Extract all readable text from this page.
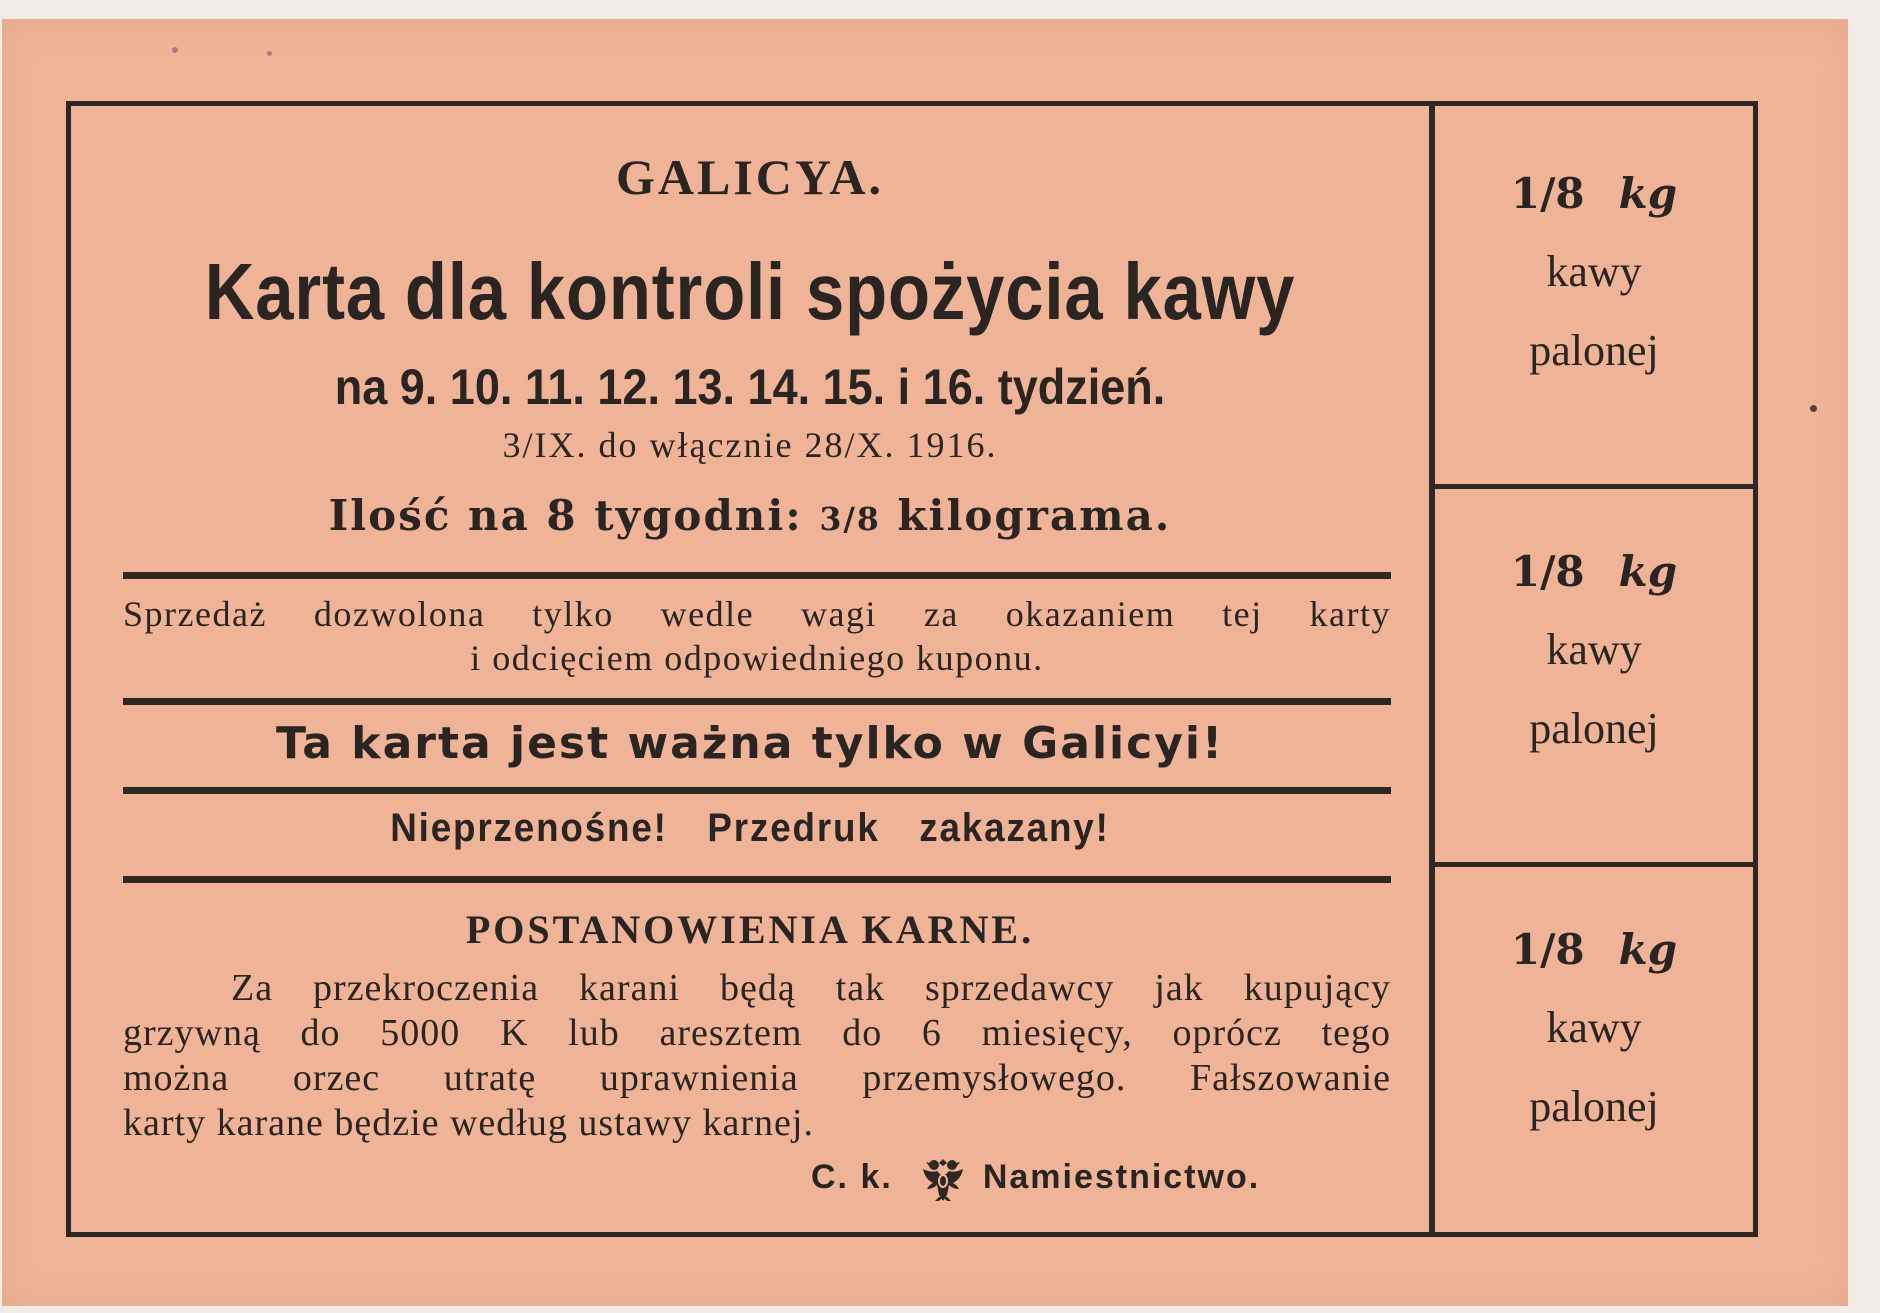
GALICYA.
Karta dla kontroli spożycia kawy
na 9. 10. 11. 12. 13. 14. 15. i 16. tydzień.
3/IX. do włącznie 28/X. 1916.
Ilość na 8 tygodni: 3/8 kilograma.
Sprzedaż dozwolona tylko wedle wagi za okazaniem tej karty
i odcięciem odpowiedniego kuponu.
Ta karta jest ważna tylko w Galicyi!
Nieprzenośne! Przedruk zakazany!
POSTANOWIENIA KARNE.

Za przekroczenia karani będą tak sprzedawcy jak kupujący

grzywną do 5000 K lub aresztem do 6 miesięcy, oprócz tego

można orzec utratę uprawnienia przemysłowego. Fałszowanie

karty karane będzie według ustawy karnej.

C. k.	Namiestnictwo.
1/8 kg
kawy
palonej
1/8 kg
kawy
palonej
1/8 kg
kawy
palonej
